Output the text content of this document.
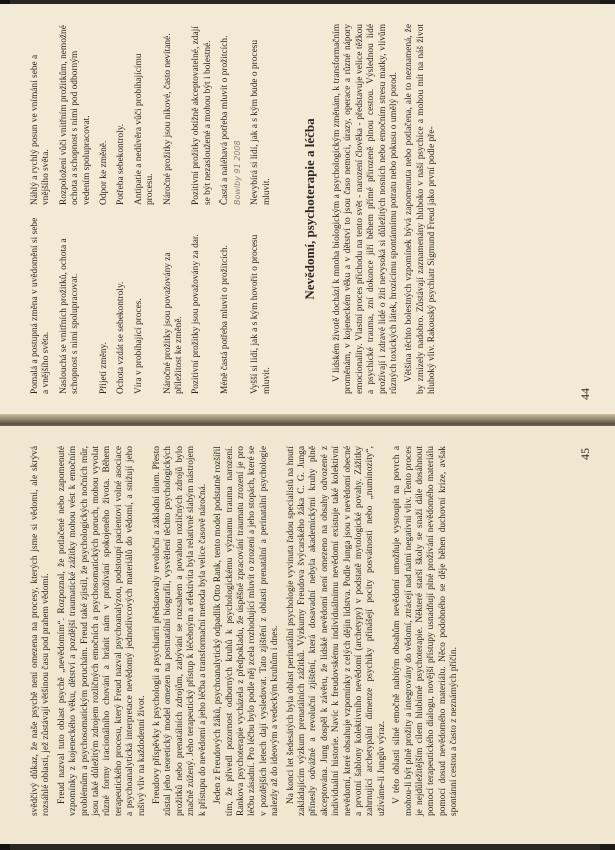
Pomalá a postupná změna v uvědomění si sebe a vnějšího světa.
Náhlý a rychlý posun ve vnímání sebe a vnějšího světa.
Naslouchá se vnitřních prožitků, ochota a schopnost s nimi spolupracovat.
Rozpoložení vůči vnitřním prožitkům, nemožné ochota a schopnost s nimi pod odborným vedením spolupracovat.
Přijetí změny.
Odpor ke změně.
Ochota vzdát se sebekontroly.
Potřeba sebekontroly.
Víra v probíhající proces.
Antipatie a nedůvěra vůči probíhajícímu procesu.
Náročné prožitky jsou považovány za příležitost ke změně.
Náročné prožitky jsou nikové, často nevítané.
Pozitivní prožitky jsou považovány za dar.
Pozitivní prožitky obtížně akceptovatelné, zdají se být nezasloužené a mohou být i bolestné.
Méně častá potřeba mluvit o prožitcích.
Častá a naléhavá potřeba mluvit o prožitcích. Bowlby 91 2008
Vyšší si lidí, jak a s kým hovořit o procesu mluvit.
Nevybírá si lidí, jak a s kým bude o procesu mluvit. Nevědomí, psychoterapie a léčba V lidském životě dochází k mnoha biologickým a psychologickým změnám, k transformačním proměnám, v kojeneckém věku a v dětství to jsou časo nemoci, úrazy, operace a různé nápory emocionality. Vlastní proces přichodu na tento svět - narození člověka - představuje velice těžkou a psychické trauma, zní dokonce jiří během přímé přirozeně plnou cestou. Výslednou lidé prožívají i zdravé lidé o žití nevysoká si důležitých nosních nebo emočním stresu matky, vlivům různých toxických látek, hrozícímu spontánnímu potratu nebo pokusu o umělý porod. Většina těchto bolestných vzpomínek bývá zapomenuta nebo potlačena, ale to neznamená, že by zmizely nadobro. Zůstávají zaznamenány hluboko v naší psychice a mohou mít na náš život hluboký vliv. Rakouský psychiatr Sigmund Freud jako první podle pře-	44

svědčivý důkaz, že naše psychě není omezena na procesy, kterých jsme si vědomi, ale skrývá rozsáhlé oblasti, jež zůstávají většinou času pod prahem vědomí. Freud nazval tuto oblast psychě „nevědomím“. Rozpoznal, že potlačené nebo zapomenuté vzpomínky z kojeneckého věku, dětství a pozdější traumatické zážitky mohou vést k emočním problémům a psychosomatickým poruchám. Freud také zjistil, že psychologických nočních můr, jsou také důležitým zdrojem rozličných emočních a psychosomatických poruch, mohou vyvolat různé formy iracionálního chování a bránit nám v prožívání spokojeného života. Během terapeutického procesu, který Freud nazval psychoanalýzou, podstoupí pacientovi volné asociace a psychoanalytická interpretace nevědomý jednotlivcových materiálů do vědomí, a snižují jeho rušivý vliv na každodenní život. Freudovy příspěvky k psychologii a psychiatrii předstaovaly revoluční a základní úlom. Přesto zůstal jeho teoretický model omezen na postnatální biografii, vysvětlení těchto psychologických prožitků nebo prenatálních zdrojům, zabývání se rozsahem a povahou rozličných zdrojů bylo značně zúžený. Jeho terapeutický přístup k léčebným a efektivita byla relativně slabým nástrojem k přístupu do nevědomí a jeho léčba a transformační metoda byla velice časově náročná. Jeden z Freudových žáků, psychoanalytický odpadlík Otto Rank, tento model podstatně rozšířil tím, že přivedl pozornost odborných kruhů k psychologickému významu trauma narození. Rankova psychoterapie vycházela z předpokladu, že úspěšné zpracování traumatu zrození je pro léčbu zásadní. Pro léčbu bylo podle něj zcela rozhodující mluvit o zrození a jeho stopách, které se v pozdějších letech dají vysledovat. Tato zjištění z oblasti prenatální a perinatální psychologie nalezly až do ideovým a vedeckým kruhům i dnes. Na konci let šedesátých byla oblast perinatální psychologie vyvinuta řadou specialistů na hnutí zakládajícím výzkum prenatálních zážitků. Výzkumy Freudova švýcarského žáka C. G. Junga přinesly odvážné a revoluční zjištění, která dosavadní nebyla akademickými kruhy plně akceptována. Jung dospěl k závěru, že lidské nevědomí není omezeno na obsahy odvozené z individuální historie. Navíc k freudovskému individuálnímu nevědomí existuje také kolektivní nevědomí, které obsahuje vzpomínky z celých dějin lidstva. Podle Junga jsou v nevědomí obecné a prvotní šablony kolektivního nevědomí (archetypy) v podstatě mytologické povahy. Zážitky zahrnující archetypální dimenze psychiky přinášejí pocity posvátnosti nebo „numinozity“, užíváme-li Jungův výraz. V této oblasti silné emočně nabitým obsahům nevědomí umožňuje vystoupit na povrch a mohou-li být plně prožity a integrovány do vědomí, ztrácejí nad námi negativní vliv. Tento proces je nejdůležitějším cílem hlubinné psychoterapie. Některé starší školy se snaží dále dosáhnout pomocí terapeutického dialogu, novější přístupy usnadňují plné prožívání nevědomého materiálu pomocí dosud nevědomého materiálu. Něco podobného se děje běhen duchovní krize, avšak spontánní cestou a často z neznámých příčin.

45
